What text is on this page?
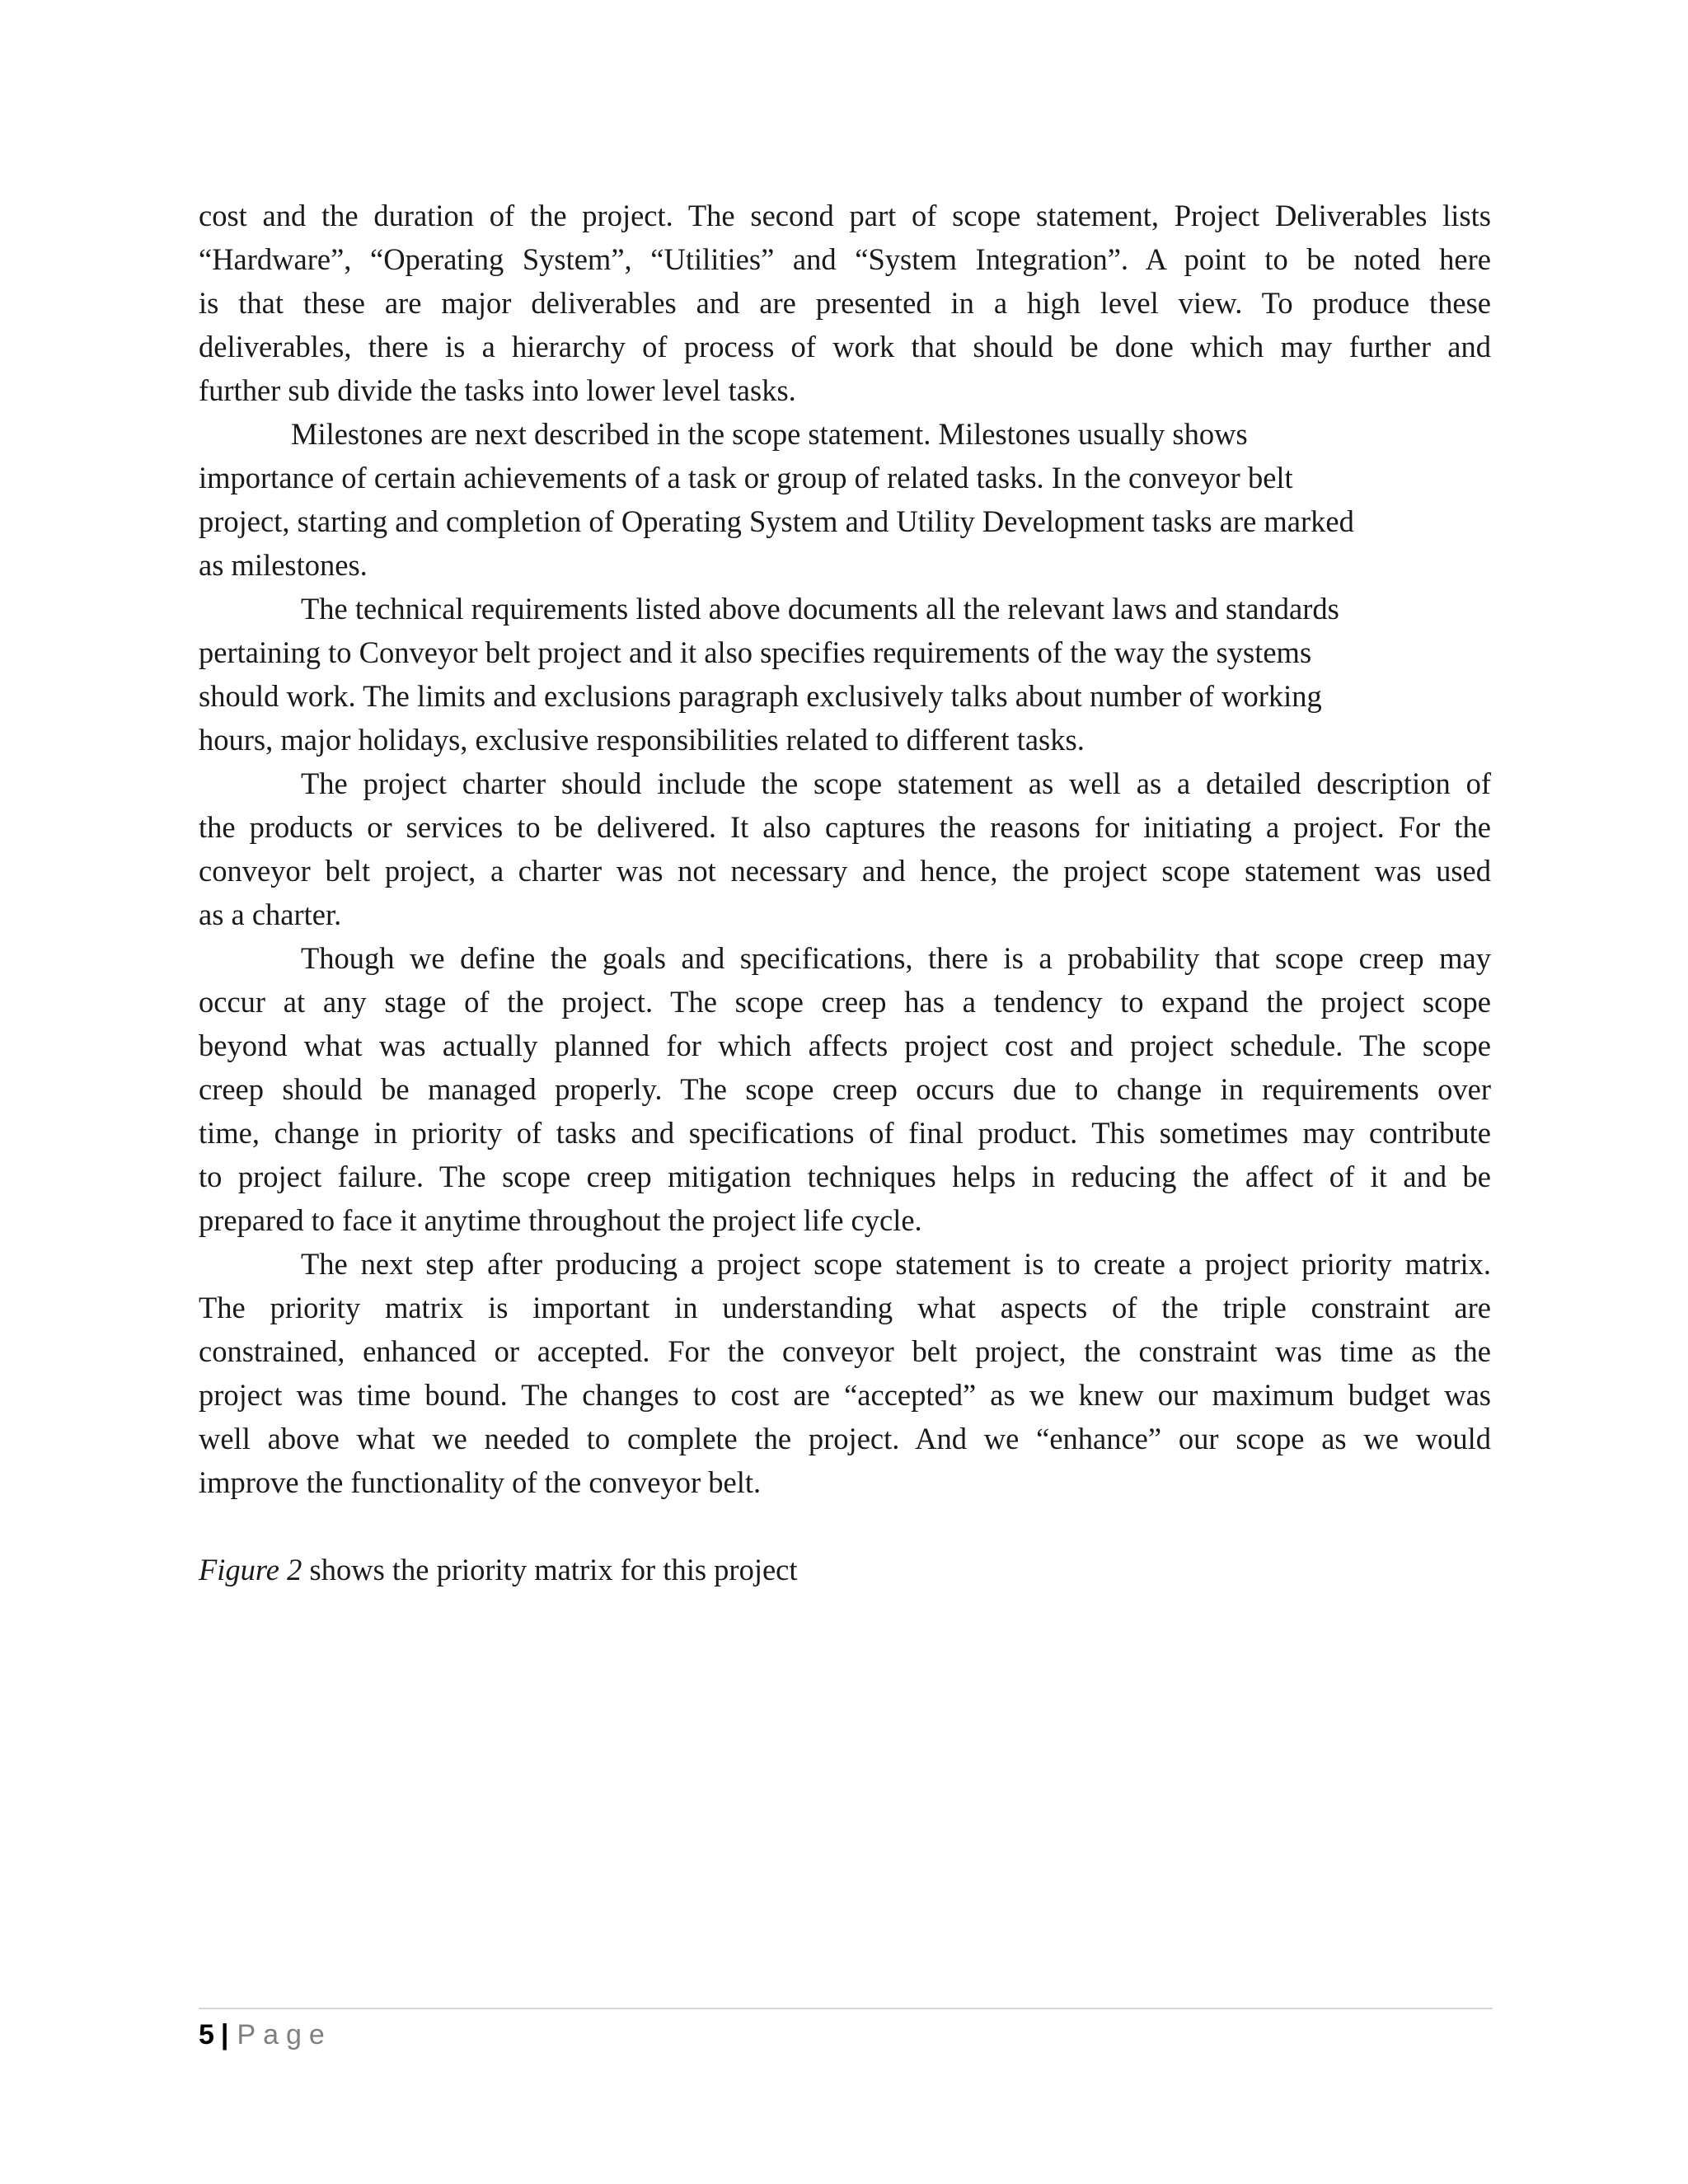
cost and the duration of the project. The second part of scope statement, Project Deliverables lists
“Hardware”, “Operating System”, “Utilities” and “System Integration”. A point to be noted here
is that these are major deliverables and are presented in a high level view. To produce these
deliverables, there is a hierarchy of process of work that should be done which may further and
further sub divide the tasks into lower level tasks.
Milestones are next described in the scope statement. Milestones usually shows
importance of certain achievements of a task or group of related tasks. In the conveyor belt
project, starting and completion of Operating System and Utility Development tasks are marked
as milestones.
The technical requirements listed above documents all the relevant laws and standards
pertaining to Conveyor belt project and it also specifies requirements of the way the systems
should work. The limits and exclusions paragraph exclusively talks about number of working
hours, major holidays, exclusive responsibilities related to different tasks.
The project charter should include the scope statement as well as a detailed description of
the products or services to be delivered. It also captures the reasons for initiating a project. For the
conveyor belt project, a charter was not necessary and hence, the project scope statement was used
as a charter.
Though we define the goals and specifications, there is a probability that scope creep may
occur at any stage of the project. The scope creep has a tendency to expand the project scope
beyond what was actually planned for which affects project cost and project schedule. The scope
creep should be managed properly. The scope creep occurs due to change in requirements over
time, change in priority of tasks and specifications of final product. This sometimes may contribute
to project failure. The scope creep mitigation techniques helps in reducing the affect of it and be
prepared to face it anytime throughout the project life cycle.
The next step after producing a project scope statement is to create a project priority matrix.
The priority matrix is important in understanding what aspects of the triple constraint are
constrained, enhanced or accepted. For the conveyor belt project, the constraint was time as the
project was time bound. The changes to cost are “accepted” as we knew our maximum budget was
well above what we needed to complete the project. And we “enhance” our scope as we would
improve the functionality of the conveyor belt.
Figure 2 shows the priority matrix for this project
5 | Page
